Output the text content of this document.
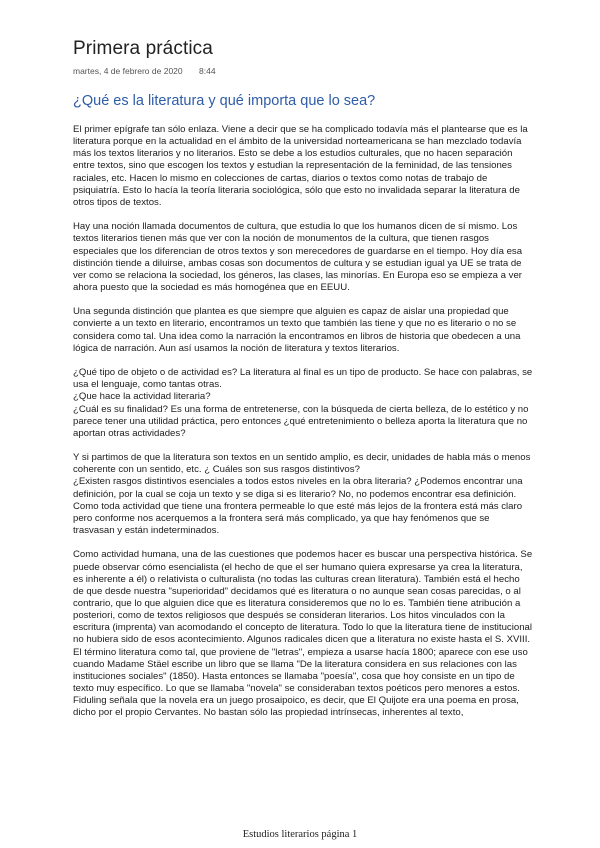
Primera práctica
martes, 4 de febrero de 2020 8:44
¿Qué es la literatura y qué importa que lo sea?

El primer epígrafe tan sólo enlaza. Viene a decir que se ha complicado todavía más el plantearse que es la literatura porque en la actualidad en el ámbito de la universidad norteamericana se han mezclado todavía más los textos literarios y no literarios. Esto se debe a los estudios culturales, que no hacen separación entre textos, sino que escogen los textos y estudian la representación de la feminidad, de las tensiones raciales, etc. Hacen lo mismo en colecciones de cartas, diarios o textos como notas de trabajo de psiquiatría. Esto lo hacía la teoría literaria sociológica, sólo que esto no invalidada separar la literatura de otros tipos de textos.

Hay una noción llamada documentos de cultura, que estudia lo que los humanos dicen de sí mismo. Los textos literarios tienen más que ver con la noción de monumentos de la cultura, que tienen rasgos especiales que los diferencian de otros textos y son merecedores de guardarse en el tiempo. Hoy día esa distinción tiende a diluirse, ambas cosas son documentos de cultura y se estudian igual ya UE se trata de ver como se relaciona la sociedad, los géneros, las clases, las minorías. En Europa eso se empieza a ver ahora puesto que la sociedad es más homogénea que en EEUU.

Una segunda distinción que plantea es que siempre que alguien es capaz de aislar una propiedad que convierte a un texto en literario, encontramos un texto que también las tiene y que no es literario o no se considera como tal. Una idea como la narración la encontramos en libros de historia que obedecen a una lógica de narración. Aun así usamos la noción de literatura y textos literarios.

¿Qué tipo de objeto o de actividad es? La literatura al final es un tipo de producto. Se hace con palabras, se usa el lenguaje, como tantas otras.

¿Que hace la actividad literaria?

¿Cuál es su finalidad? Es una forma de entretenerse, con la búsqueda de cierta belleza, de lo estético y no parece tener una utilidad práctica, pero entonces ¿qué entretenimiento o belleza aporta la literatura que no aportan otras actividades?

Y si partimos de que la literatura son textos en un sentido amplio, es decir, unidades de habla más o menos coherente con un sentido, etc. ¿ Cuáles son sus rasgos distintivos?

¿Existen rasgos distintivos esenciales a todos estos niveles en la obra literaria? ¿Podemos encontrar una definición, por la cual se coja un texto y se diga si es literario? No, no podemos encontrar esa definición. Como toda actividad que tiene una frontera permeable lo que esté más lejos de la frontera está más claro pero conforme nos acerquemos a la frontera será más complicado, ya que hay fenómenos que se trasvasan y están indeterminados.

Como actividad humana, una de las cuestiones que podemos hacer es buscar una perspectiva histórica. Se puede observar cómo esencialista (el hecho de que el ser humano quiera expresarse ya crea la literatura, es inherente a él) o relativista o culturalista (no todas las culturas crean literatura). También está el hecho de que desde nuestra "superioridad" decidamos qué es literatura o no aunque sean cosas parecidas, o al contrario, que lo que alguien dice que es literatura consideremos que no lo es. También tiene atribución a posteriori, como de textos religiosos que después se consideran literarios. Los hitos vinculados con la escritura (imprenta) van acomodando el concepto de literatura. Todo lo que la literatura tiene de institucional no hubiera sido de esos acontecimiento. Algunos radicales dicen que a literatura no existe hasta el S. XVIII. El término literatura como tal, que proviene de "letras", empieza a usarse hacía 1800; aparece con ese uso cuando Madame Stäel escribe un libro que se llama "De la literatura considera en sus relaciones con las instituciones sociales" (1850). Hasta entonces se llamaba "poesía", cosa que hoy consiste en un tipo de texto muy específico. Lo que se llamaba "novela" se consideraban textos poéticos pero menores a estos. Fiduling señala que la novela era un juego prosaipoico, es decir, que El Quijote era una poema en prosa, dicho por el propio Cervantes. No bastan sólo las propiedad intrínsecas, inherentes al texto,

Estudios literarios página 1
